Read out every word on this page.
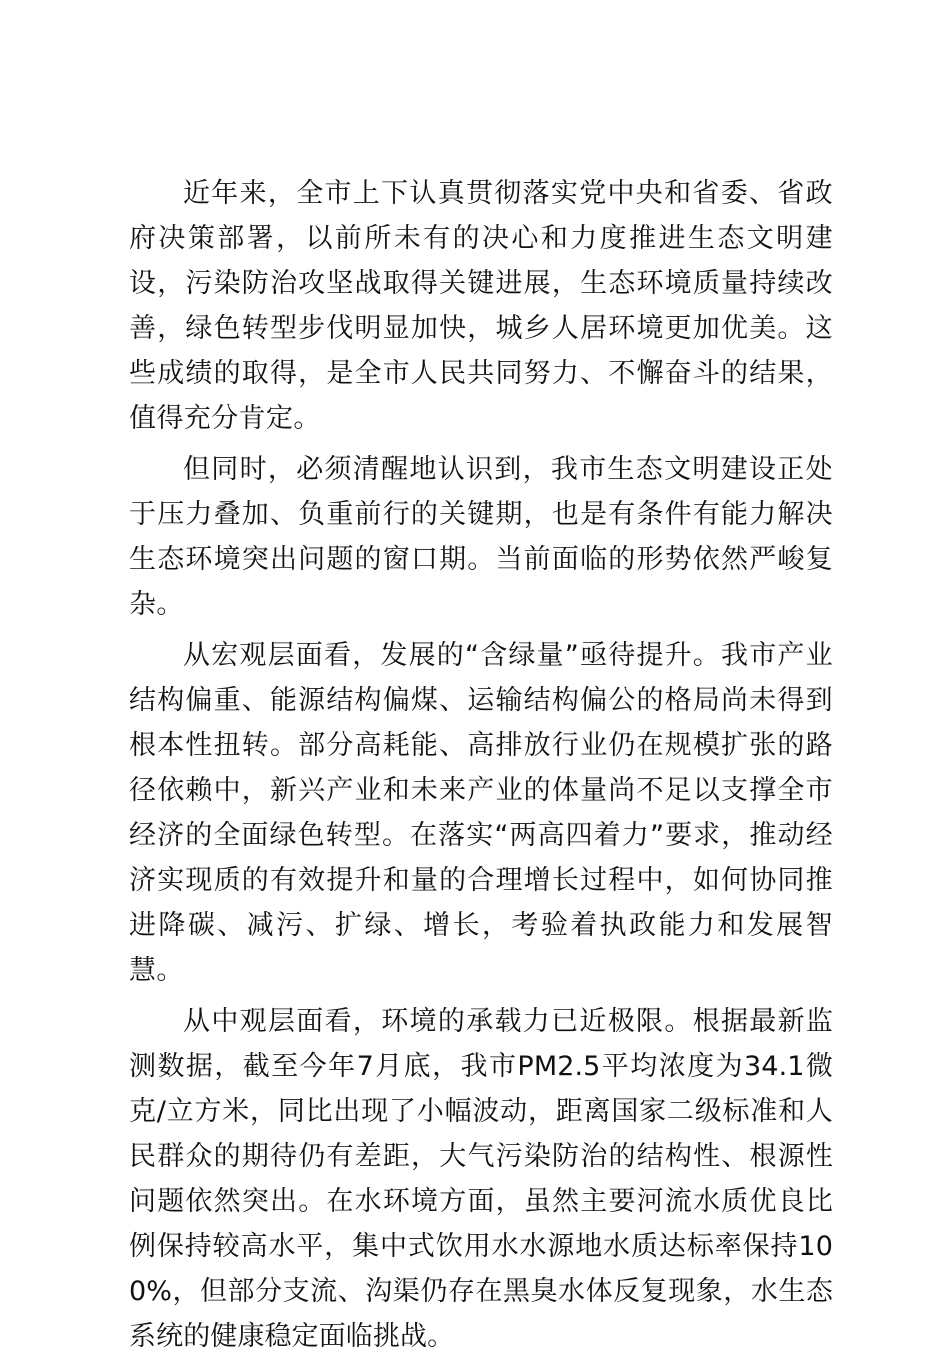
近年来，全市上下认真贯彻落实党中央和省委、省政府决策部署，以前所未有的决心和力度推进生态文明建设，污染防治攻坚战取得关键进展，生态环境质量持续改善，绿色转型步伐明显加快，城乡人居环境更加优美。这些成绩的取得，是全市人民共同努力、不懈奋斗的结果，值得充分肯定。

但同时，必须清醒地认识到，我市生态文明建设正处于压力叠加、负重前行的关键期，也是有条件有能力解决生态环境突出问题的窗口期。当前面临的形势依然严峻复杂。

从宏观层面看，发展的“含绿量”亟待提升。我市产业结构偏重、能源结构偏煤、运输结构偏公的格局尚未得到根本性扭转。部分高耗能、高排放行业仍在规模扩张的路径依赖中，新兴产业和未来产业的体量尚不足以支撑全市经济的全面绿色转型。在落实“两高四着力”要求，推动经济实现质的有效提升和量的合理增长过程中，如何协同推进降碳、减污、扩绿、增长，考验着执政能力和发展智慧。

从中观层面看，环境的承载力已近极限。根据最新监测数据，截至今年7月底，我市PM2.5平均浓度为34.1微克/立方米，同比出现了小幅波动，距离国家二级标准和人民群众的期待仍有差距，大气污染防治的结构性、根源性问题依然突出。在水环境方面，虽然主要河流水质优良比例保持较高水平，集中式饮用水水源地水质达标率保持100%，但部分支流、沟渠仍存在黑臭水体反复现象，水生态系统的健康稳定面临挑战。
